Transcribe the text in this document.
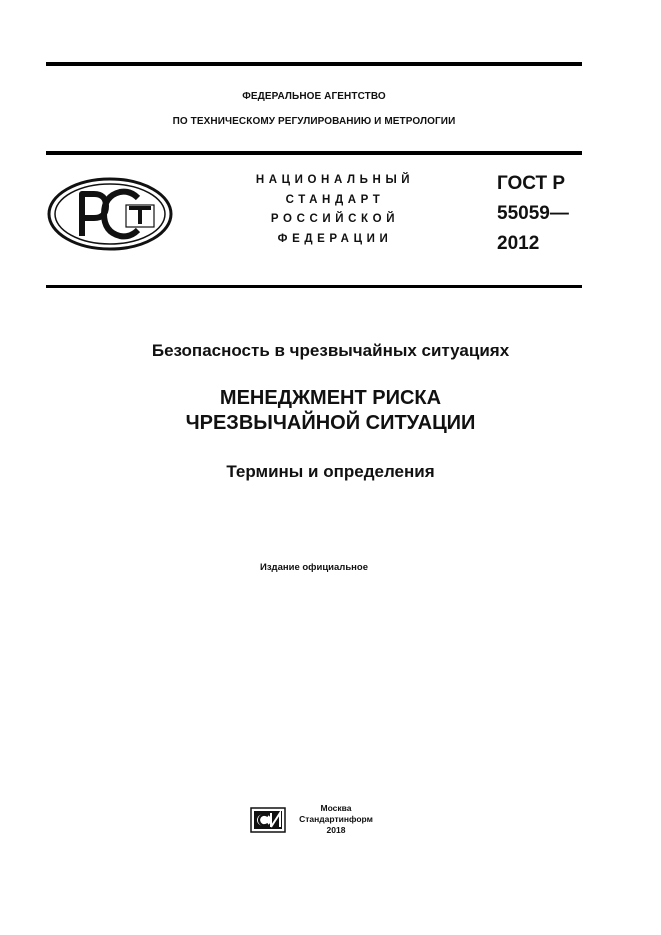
ФЕДЕРАЛЬНОЕ АГЕНТСТВО
ПО ТЕХНИЧЕСКОМУ РЕГУЛИРОВАНИЮ И МЕТРОЛОГИИ
НАЦИОНАЛЬНЫЙ
СТАНДАРТ
РОССИЙСКОЙ
ФЕДЕРАЦИИ
ГОСТ Р
55059—
2012
Безопасность в чрезвычайных ситуациях
МЕНЕДЖМЕНТ РИСКА
ЧРЕЗВЫЧАЙНОЙ СИТУАЦИИ
Термины и определения
Издание официальное
Москва
Стандартинформ
2018
